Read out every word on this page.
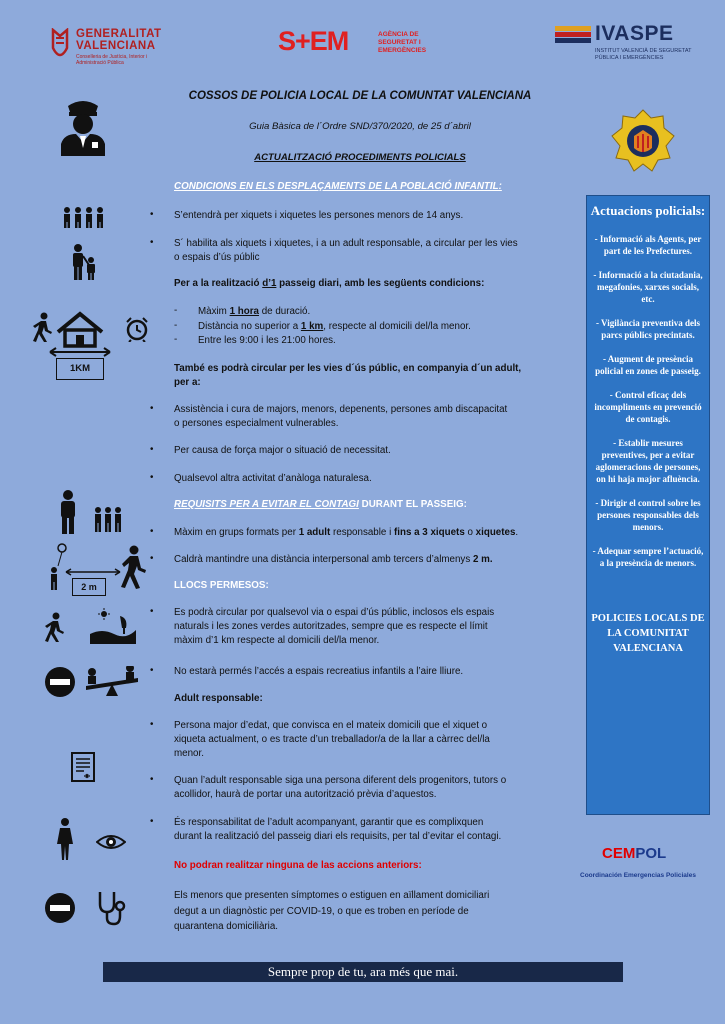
GENERALITAT
VALENCIANA
Conselleria de Justícia, Interior i Administració Pública
S+EM	AGÈNCIA DE SEGURETAT I EMERGÈNCIES
IVASPE
INSTITUT VALENCIÀ DE SEGURETAT PÚBLICA I EMERGÈNCIES
COSSOS DE POLICIA LOCAL DE LA COMUNTAT VALENCIANA
Guia Bàsica de l´Ordre SND/370/2020, de 25 d´abril
ACTUALITZACIÓ PROCEDIMENTS POLICIALS
CONDICIONS EN ELS DESPLAÇAMENTS DE LA POBLACIÓ INFANTIL:
• S’entendrà per xiquets i xiquetes les persones menors de 14 anys.
• S´ habilita als xiquets i xiquetes, i a un adult responsable, a circular per les vies
o espais d’ús públic
Per a la realització d’1 passeig diari, amb les següents condicions:
1KM
- Màxim 1 hora de duració.
- Distància no superior a 1 km, respecte al domicili del/la menor.
- Entre les 9:00 i les 21:00 hores.
També es podrà circular per les vies d´ús públic, en companyia d´un adult,
per a:
• Assistència i cura de majors, menors, depenents, persones amb discapacitat
o persones especialment vulnerables.
• Per causa de força major o situació de necessitat.
• Qualsevol altra activitat d’anàloga naturalesa.
REQUISITS PER A EVITAR EL CONTAGI DURANT EL PASSEIG:
• Màxim en grups formats per 1 adult responsable i fins a 3 xiquets o xiquetes.
2 m
• Caldrà mantindre una distància interpersonal amb tercers d’almenys 2 m.
LLOCS PERMESOS:
• Es podrà circular por qualsevol via o espai d’ús públic, inclosos els espais
naturals i les zones verdes autoritzades, sempre que es respecte el límit
màxim d’1 km respecte al domicili del/la menor.
• No estarà permés l’accés a espais recreatius infantils a l’aire lliure.
Adult responsable:
• Persona major d’edat, que convisca en el mateix domicili que el xiquet o
xiqueta actualment, o es tracte d’un treballador/a de la llar a càrrec del/la
menor.
• Quan l’adult responsable siga una persona diferent dels progenitors, tutors o
acollidor, haurà de portar una autorització prèvia d’aquestos.
• És responsabilitat de l’adult acompanyant, garantir que es complixquen
durant la realització del passeig diari els requisits, per tal d’evitar el contagi.
No podran realitzar ninguna de las accions anteriors:
Els menors que presenten símptomes o estiguen en aïllament domiciliari
degut a un diagnòstic per COVID-19, o que es troben en període de
quarantena domiciliària.
Actuacions policials:
- Informació als Agents, per part de les Prefectures.
- Informació a la ciutadania, megafonies, xarxes socials, etc.
- Vigilància preventiva dels parcs públics precintats.
- Augment de presència policial en zones de passeig.
- Control eficaç dels incompliments en prevenció de contagis.
- Establir mesures preventives, per a evitar aglomeracions de persones, on hi haja major afluència.
- Dirigir el control sobre les persones responsables dels menors.
- Adequar sempre l’actuació, a la presència de menors.
POLICIES LOCALS DE LA COMUNITAT VALENCIANA
CEMPOL
Coordinación Emergencias Policiales
Sempre prop de tu, ara més que mai.
